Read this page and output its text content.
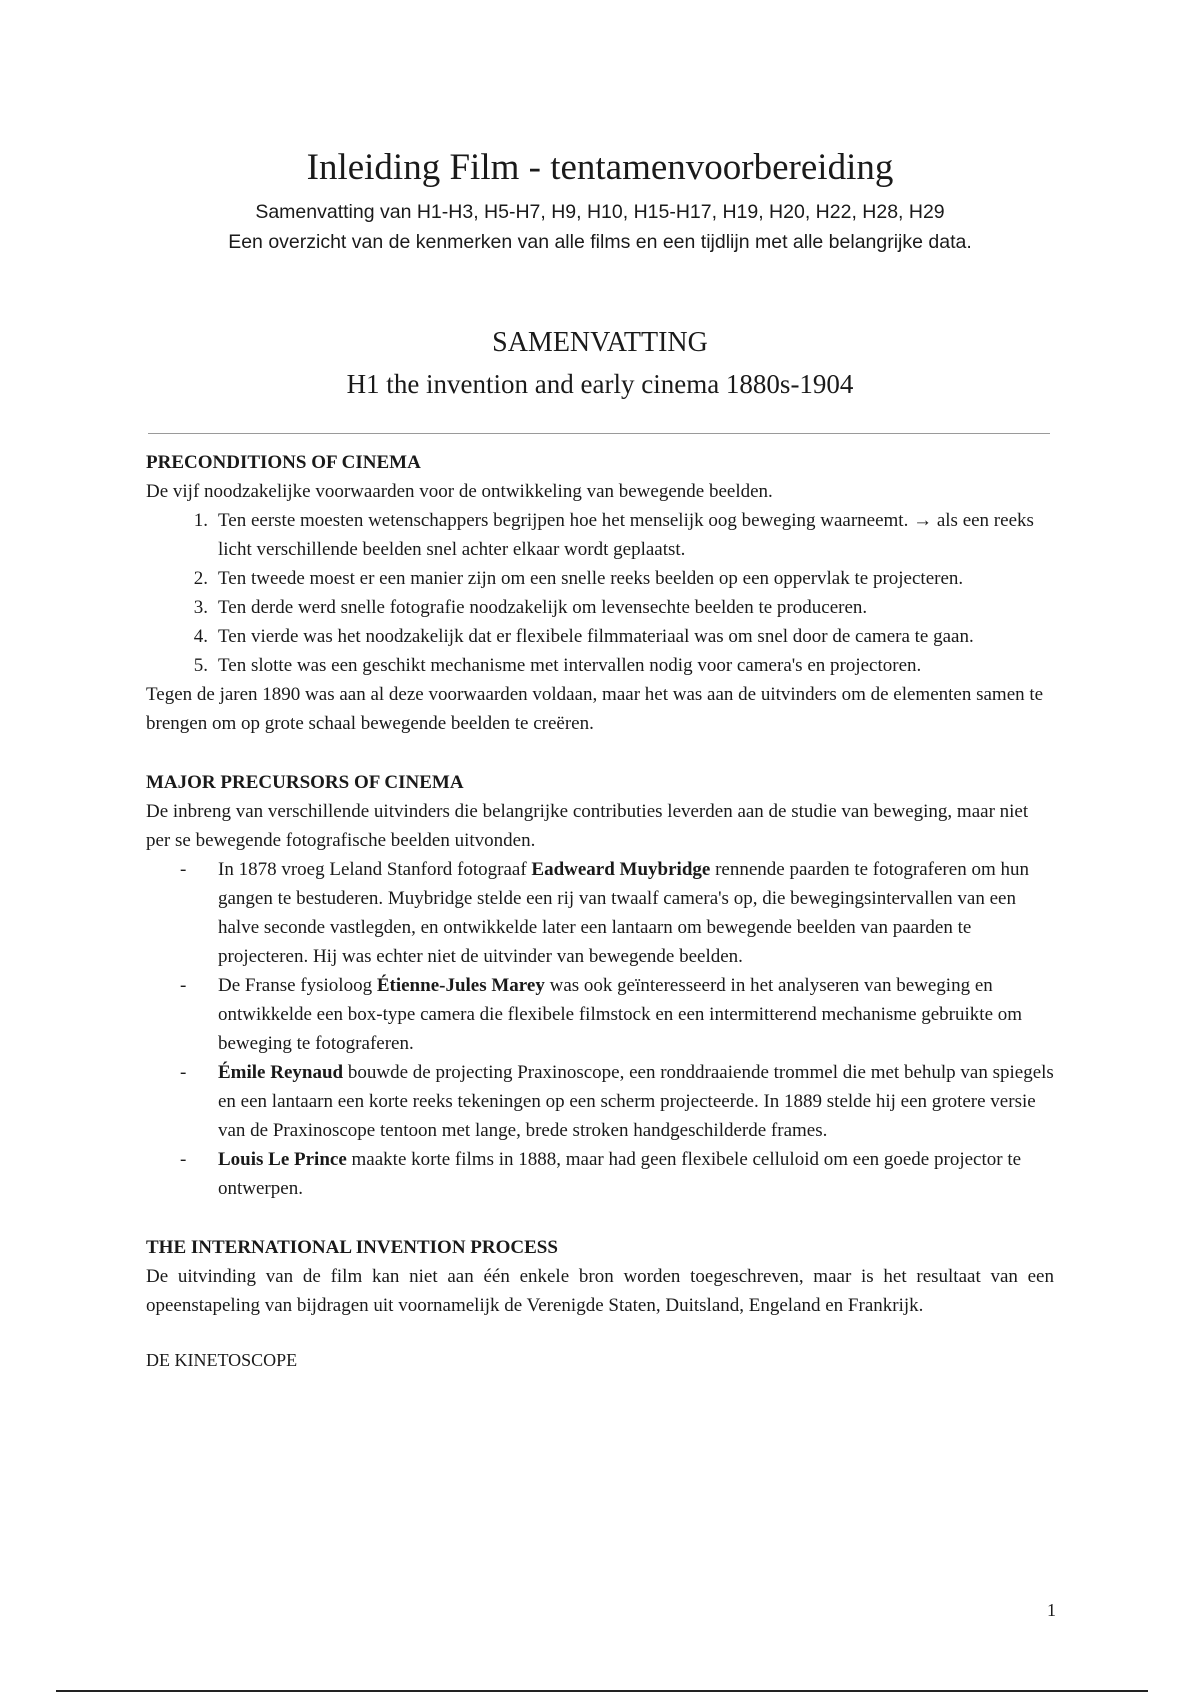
Inleiding Film - tentamenvoorbereiding
Samenvatting van H1-H3, H5-H7, H9, H10, H15-H17, H19, H20, H22, H28, H29
Een overzicht van de kenmerken van alle films en een tijdlijn met alle belangrijke data.
SAMENVATTING
H1 the invention and early cinema 1880s-1904

PRECONDITIONS OF CINEMA

De vijf noodzakelijke voorwaarden voor de ontwikkeling van bewegende beelden.

1. Ten eerste moesten wetenschappers begrijpen hoe het menselijk oog beweging waarneemt. → als een reeks licht verschillende beelden snel achter elkaar wordt geplaatst.
2. Ten tweede moest er een manier zijn om een snelle reeks beelden op een oppervlak te projecteren.
3. Ten derde werd snelle fotografie noodzakelijk om levensechte beelden te produceren.
4. Ten vierde was het noodzakelijk dat er flexibele filmmateriaal was om snel door de camera te gaan.
5. Ten slotte was een geschikt mechanisme met intervallen nodig voor camera's en projectoren.

Tegen de jaren 1890 was aan al deze voorwaarden voldaan, maar het was aan de uitvinders om de elementen samen te brengen om op grote schaal bewegende beelden te creëren.

MAJOR PRECURSORS OF CINEMA

De inbreng van verschillende uitvinders die belangrijke contributies leverden aan de studie van beweging, maar niet per se bewegende fotografische beelden uitvonden.

- In 1878 vroeg Leland Stanford fotograaf Eadweard Muybridge rennende paarden te fotograferen om hun gangen te bestuderen. Muybridge stelde een rij van twaalf camera's op, die bewegingsintervallen van een halve seconde vastlegden, en ontwikkelde later een lantaarn om bewegende beelden van paarden te projecteren. Hij was echter niet de uitvinder van bewegende beelden.
- De Franse fysioloog Étienne-Jules Marey was ook geïnteresseerd in het analyseren van beweging en ontwikkelde een box-type camera die flexibele filmstock en een intermitterend mechanisme gebruikte om beweging te fotograferen.
- Émile Reynaud bouwde de projecting Praxinoscope, een ronddraaiende trommel die met behulp van spiegels en een lantaarn een korte reeks tekeningen op een scherm projecteerde. In 1889 stelde hij een grotere versie van de Praxinoscope tentoon met lange, brede stroken handgeschilderde frames.
- Louis Le Prince maakte korte films in 1888, maar had geen flexibele celluloid om een goede projector te ontwerpen.

THE INTERNATIONAL INVENTION PROCESS

De uitvinding van de film kan niet aan één enkele bron worden toegeschreven, maar is het resultaat van een opeenstapeling van bijdragen uit voornamelijk de Verenigde Staten, Duitsland, Engeland en Frankrijk.

DE KINETOSCOPE

1
